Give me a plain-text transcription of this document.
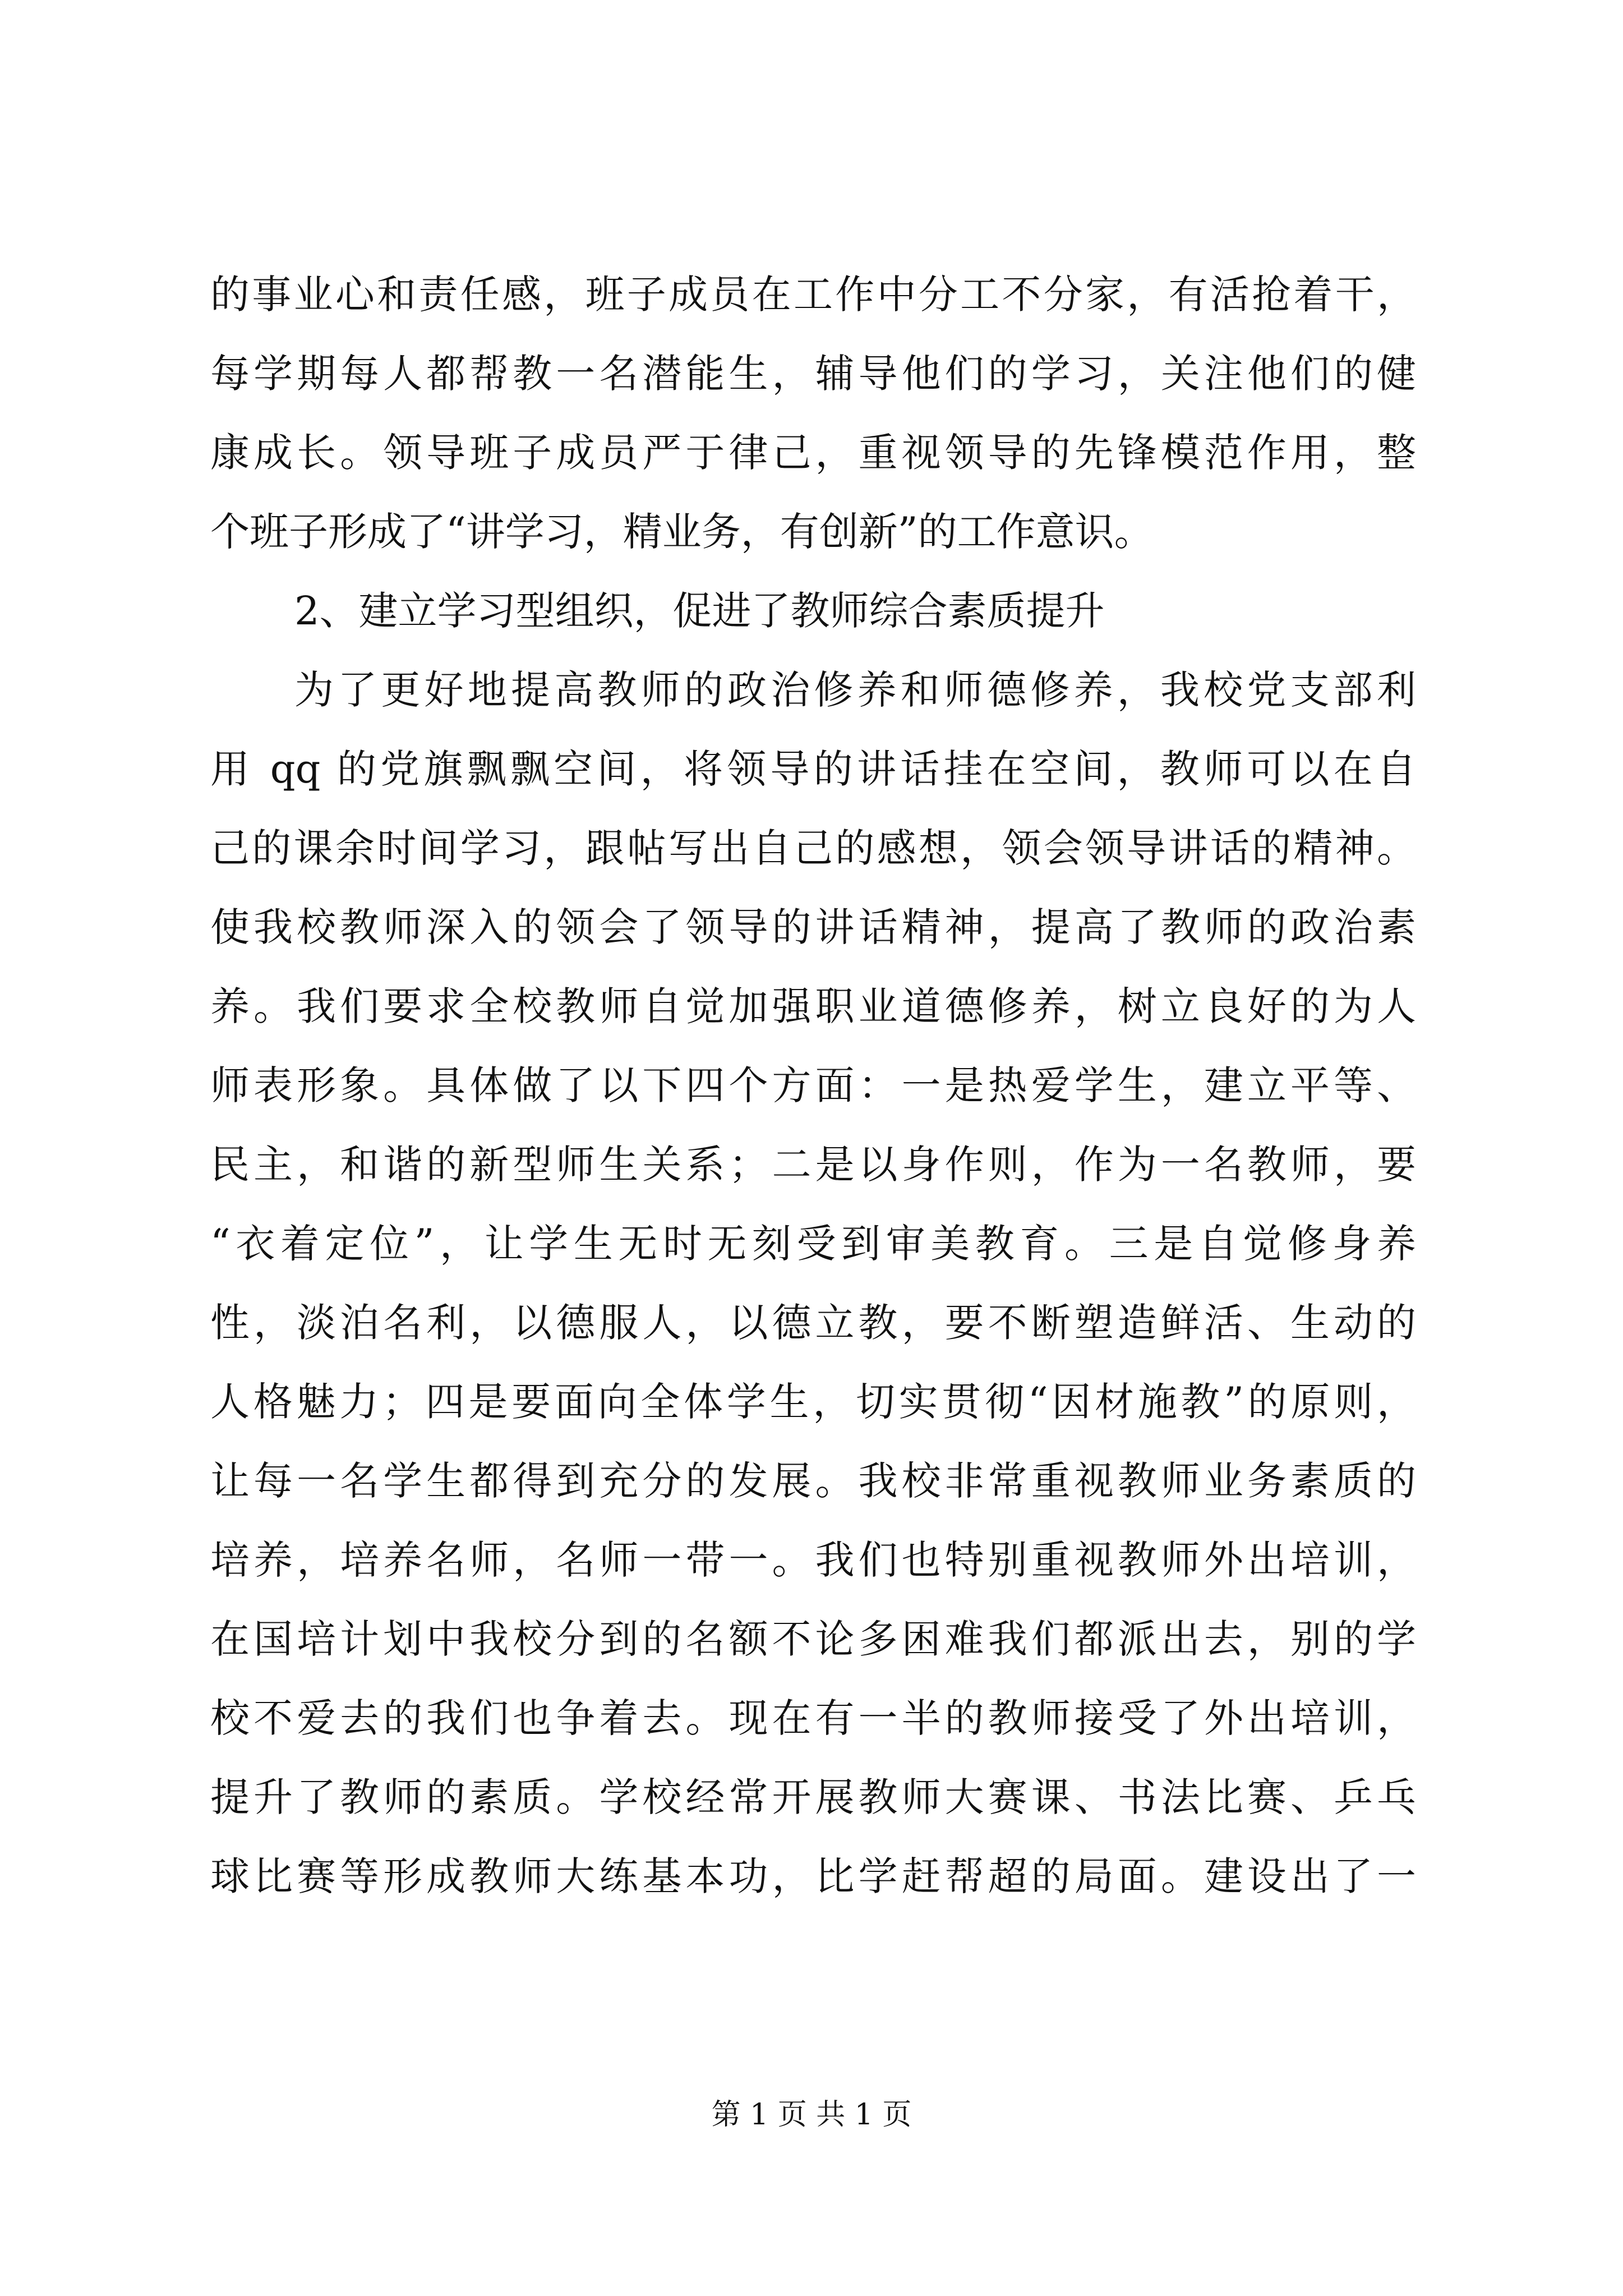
的事业心和责任感，班子成员在工作中分工不分家，有活抢着干，
每学期每人都帮教一名潜能生，辅导他们的学习，关注他们的健
康成长。领导班子成员严于律己，重视领导的先锋模范作用，整
个班子形成了“讲学习，精业务，有创新”的工作意识。
2、建立学习型组织，促进了教师综合素质提升
为了更好地提高教师的政治修养和师德修养，我校党支部利
用 qq 的党旗飘飘空间，将领导的讲话挂在空间，教师可以在自
己的课余时间学习，跟帖写出自己的感想，领会领导讲话的精神。
使我校教师深入的领会了领导的讲话精神，提高了教师的政治素
养。我们要求全校教师自觉加强职业道德修养，树立良好的为人
师表形象。具体做了以下四个方面：一是热爱学生，建立平等、
民主，和谐的新型师生关系；二是以身作则，作为一名教师，要
“衣着定位”，让学生无时无刻受到审美教育。三是自觉修身养
性，淡泊名利，以德服人，以德立教，要不断塑造鲜活、生动的
人格魅力；四是要面向全体学生，切实贯彻“因材施教”的原则，
让每一名学生都得到充分的发展。我校非常重视教师业务素质的
培养，培养名师，名师一带一。我们也特别重视教师外出培训，
在国培计划中我校分到的名额不论多困难我们都派出去，别的学
校不爱去的我们也争着去。现在有一半的教师接受了外出培训，
提升了教师的素质。学校经常开展教师大赛课、书法比赛、乒乓
球比赛等形成教师大练基本功，比学赶帮超的局面。建设出了一
第 1 页 共 1 页
